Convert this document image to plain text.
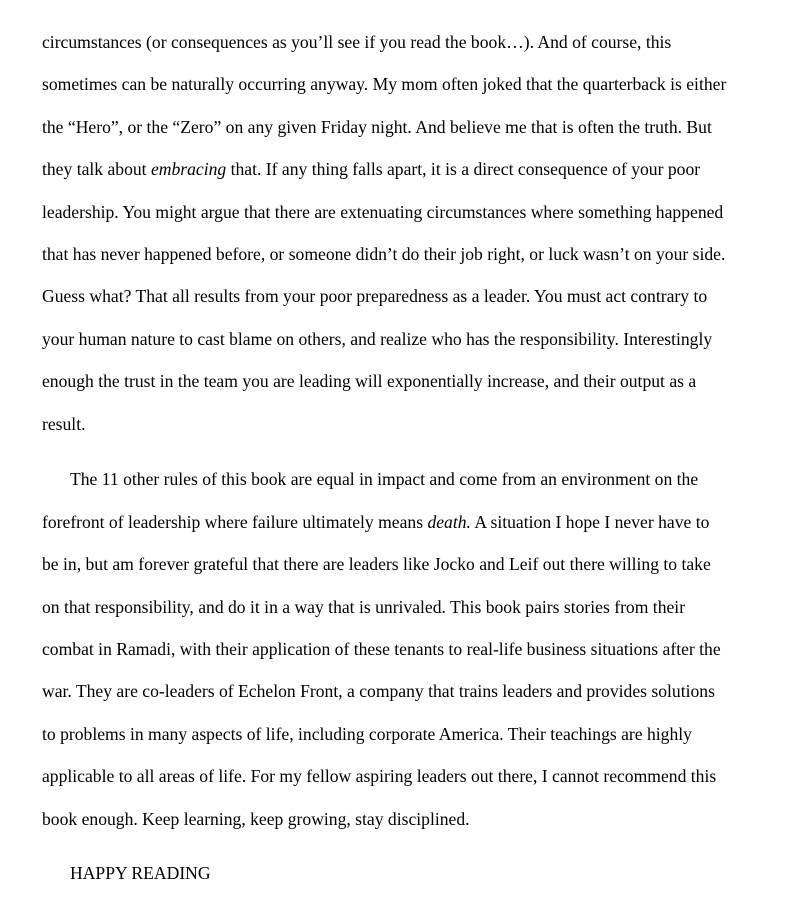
circumstances (or consequences as you’ll see if you read the book…). And of course, this
sometimes can be naturally occurring anyway. My mom often joked that the quarterback is either
the “Hero”, or the “Zero” on any given Friday night. And believe me that is often the truth. But
they talk about embracing that. If any thing falls apart, it is a direct consequence of your poor
leadership. You might argue that there are extenuating circumstances where something happened
that has never happened before, or someone didn’t do their job right, or luck wasn’t on your side.
Guess what? That all results from your poor preparedness as a leader. You must act contrary to
your human nature to cast blame on others, and realize who has the responsibility. Interestingly
enough the trust in the team you are leading will exponentially increase, and their output as a
result.
The 11 other rules of this book are equal in impact and come from an environment on the
forefront of leadership where failure ultimately means death. A situation I hope I never have to
be in, but am forever grateful that there are leaders like Jocko and Leif out there willing to take
on that responsibility, and do it in a way that is unrivaled. This book pairs stories from their
combat in Ramadi, with their application of these tenants to real-life business situations after the
war. They are co-leaders of Echelon Front, a company that trains leaders and provides solutions
to problems in many aspects of life, including corporate America. Their teachings are highly
applicable to all areas of life. For my fellow aspiring leaders out there, I cannot recommend this
book enough. Keep learning, keep growing, stay disciplined.
HAPPY READING
